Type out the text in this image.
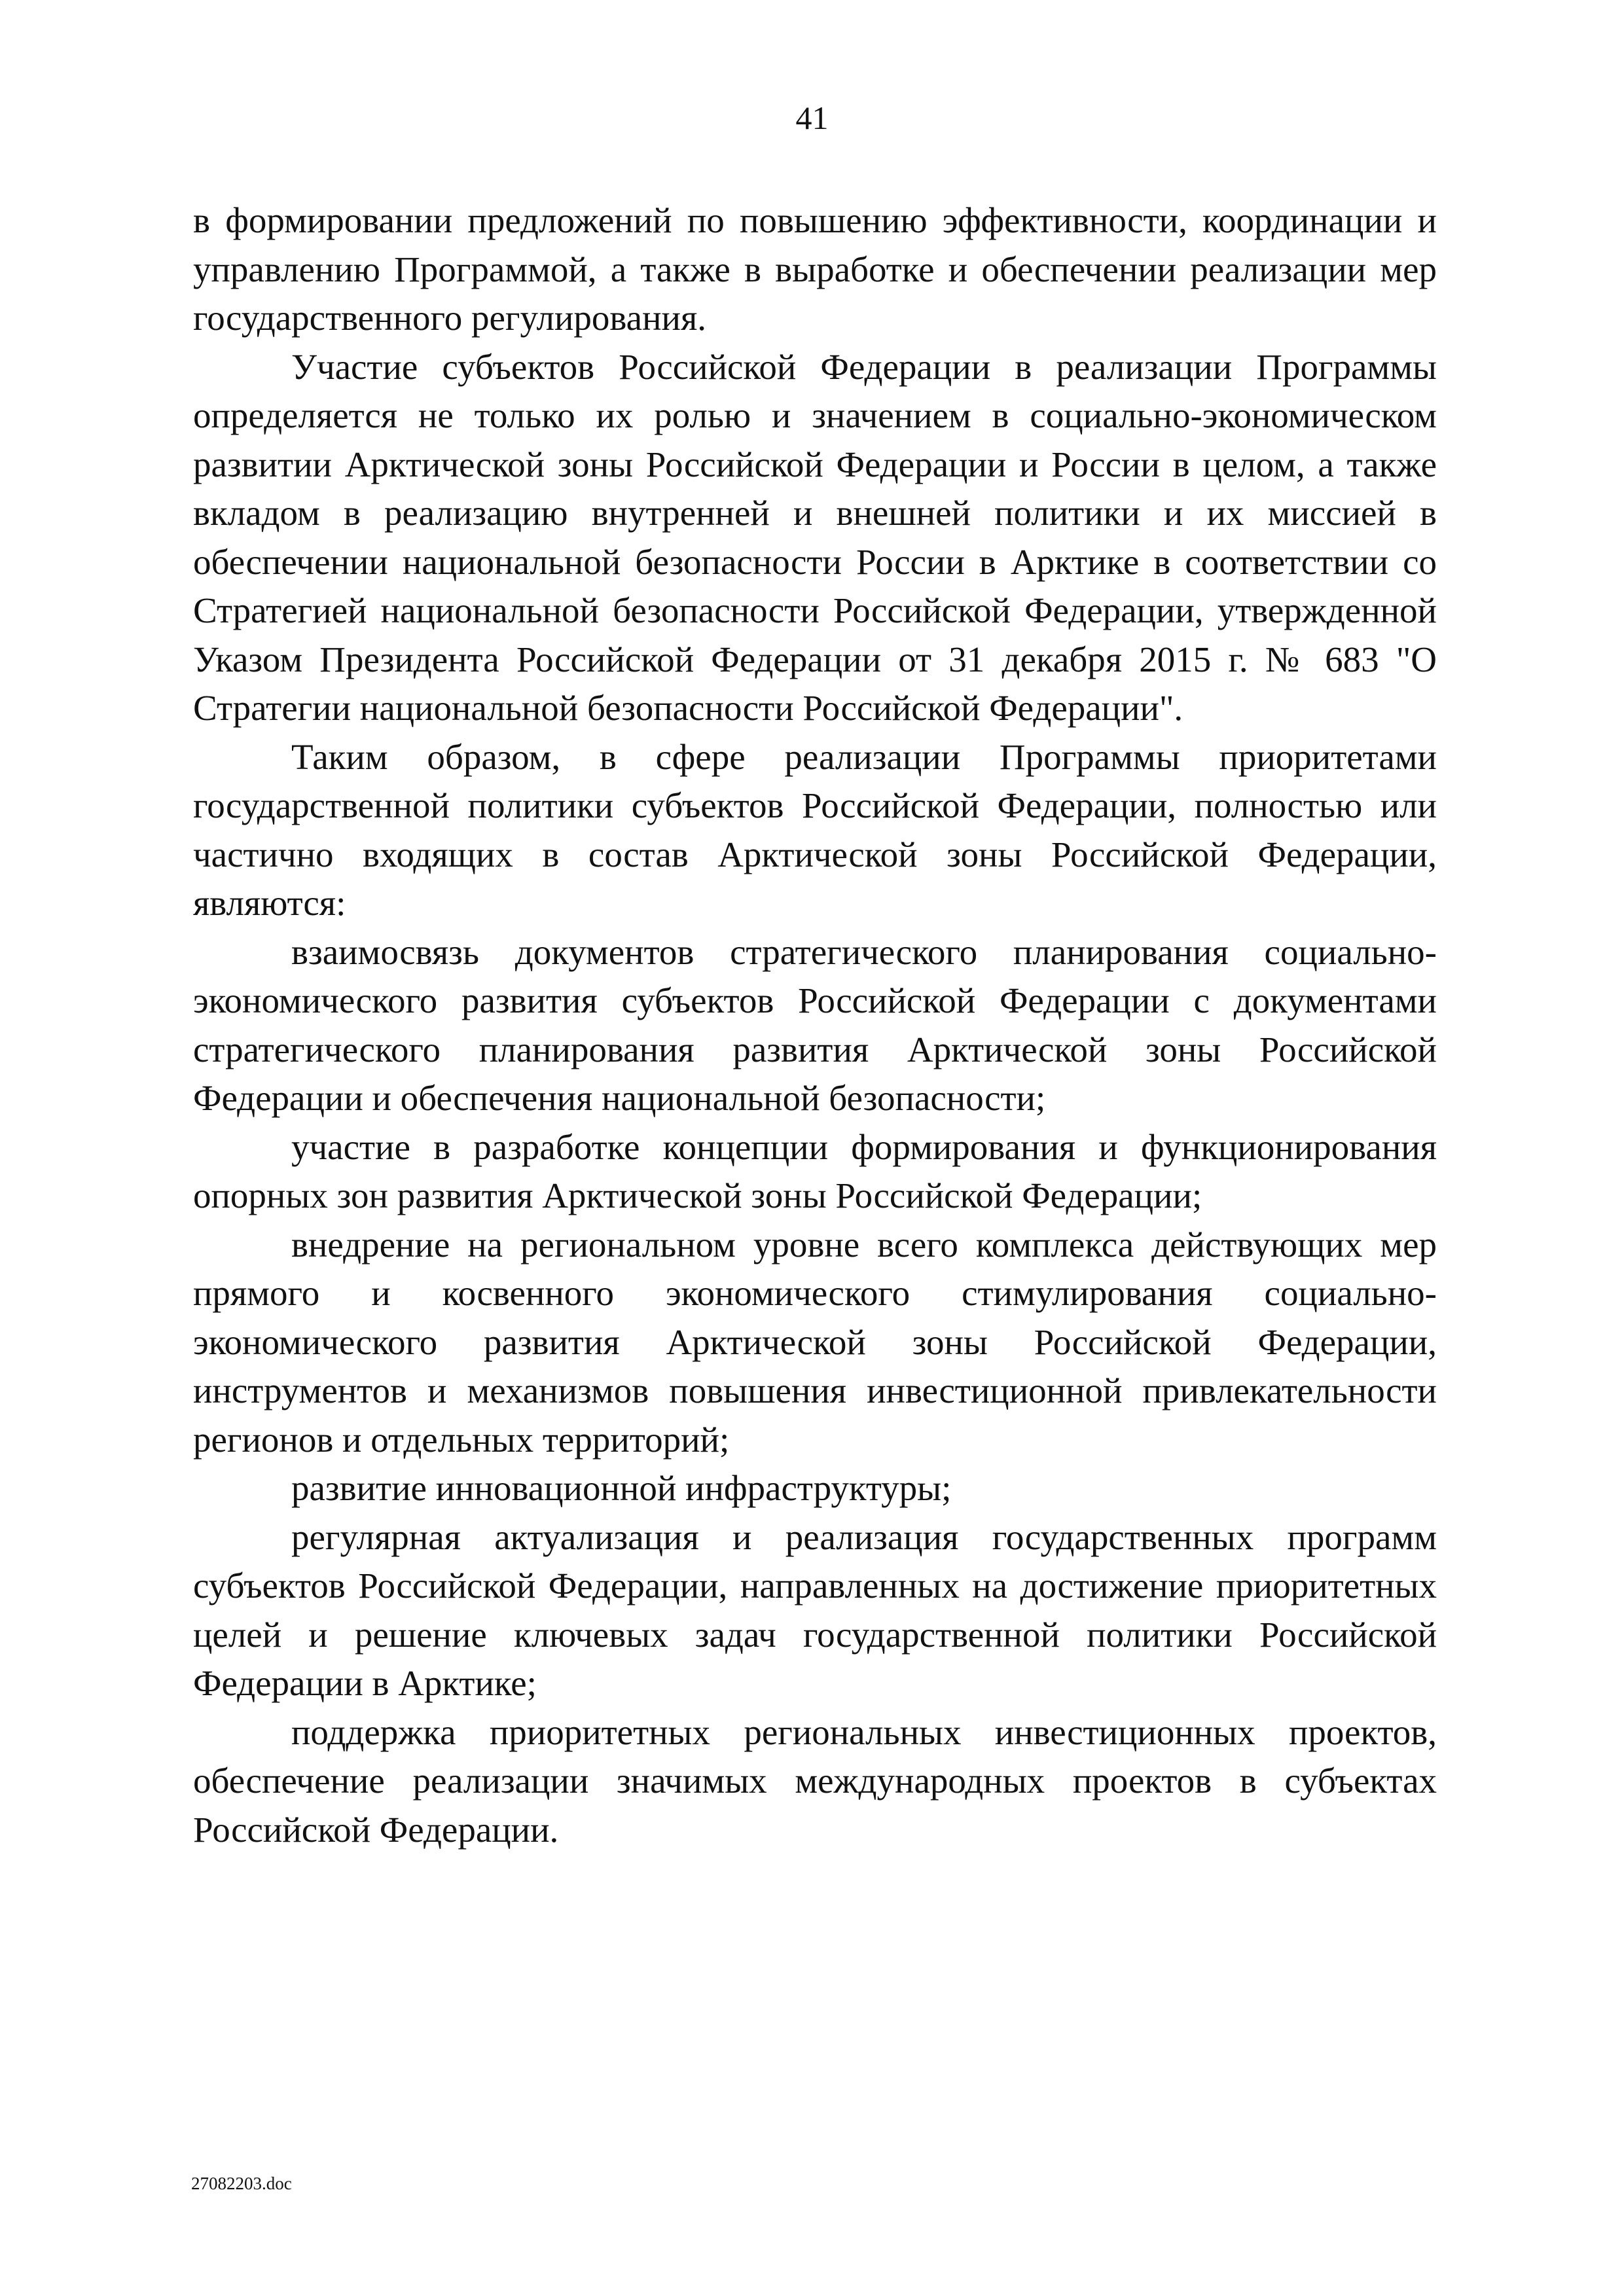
41

в формировании предложений по повышению эффективности, координации и управлению Программой, а также в выработке и обеспечении реализации мер государственного регулирования.

Участие субъектов Российской Федерации в реализации Программы определяется не только их ролью и значением в социально-экономическом развитии Арктической зоны Российской Федерации и России в целом, а также вкладом в реализацию внутренней и внешней политики и их миссией в обеспечении национальной безопасности России в Арктике в соответствии со Стратегией национальной безопасности Российской Федерации, утвержденной Указом Президента Российской Федерации от 31 декабря 2015 г. № 683 "О Стратегии национальной безопасности Российской Федерации".

Таким образом, в сфере реализации Программы приоритетами государственной политики субъектов Российской Федерации, полностью или частично входящих в состав Арктической зоны Российской Федерации, являются:

взаимосвязь документов стратегического планирования социально-экономического развития субъектов Российской Федерации с документами стратегического планирования развития Арктической зоны Российской Федерации и обеспечения национальной безопасности;

участие в разработке концепции формирования и функционирования опорных зон развития Арктической зоны Российской Федерации;

внедрение на региональном уровне всего комплекса действующих мер прямого и косвенного экономического стимулирования социально-экономического развития Арктической зоны Российской Федерации, инструментов и механизмов повышения инвестиционной привлекательности регионов и отдельных территорий;

развитие инновационной инфраструктуры;

регулярная актуализация и реализация государственных программ субъектов Российской Федерации, направленных на достижение приоритетных целей и решение ключевых задач государственной политики Российской Федерации в Арктике;

поддержка приоритетных региональных инвестиционных проектов, обеспечение реализации значимых международных проектов в субъектах Российской Федерации.

27082203.doc
